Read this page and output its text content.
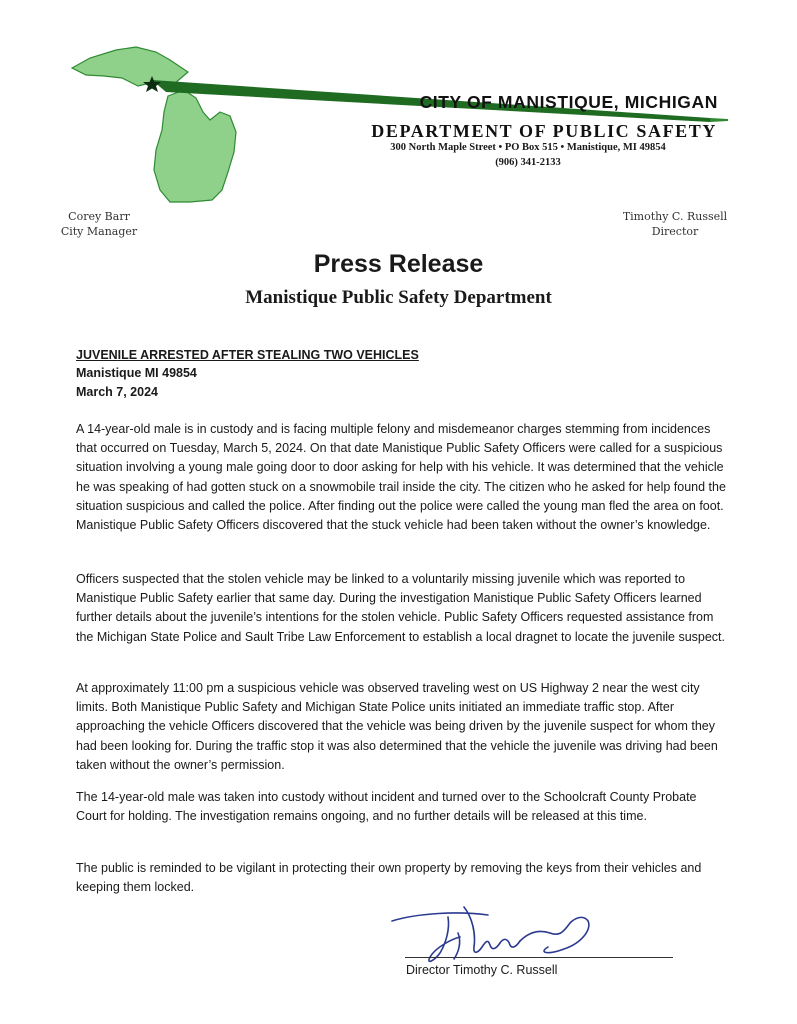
CITY OF MANISTIQUE, MICHIGAN
DEPARTMENT OF PUBLIC SAFETY
300 North Maple Street • PO Box 515 • Manistique, MI 49854
(906) 341-2133
Corey Barr
City Manager
Timothy C. Russell
Director
Press Release
Manistique Public Safety Department
JUVENILE ARRESTED AFTER STEALING TWO VEHICLES
Manistique MI 49854
March 7, 2024
A 14-year-old male is in custody and is facing multiple felony and misdemeanor charges stemming from incidences that occurred on Tuesday, March 5, 2024. On that date Manistique Public Safety Officers were called for a suspicious situation involving a young male going door to door asking for help with his vehicle. It was determined that the vehicle he was speaking of had gotten stuck on a snowmobile trail inside the city. The citizen who he asked for help found the situation suspicious and called the police. After finding out the police were called the young man fled the area on foot. Manistique Public Safety Officers discovered that the stuck vehicle had been taken without the owner’s knowledge.
Officers suspected that the stolen vehicle may be linked to a voluntarily missing juvenile which was reported to Manistique Public Safety earlier that same day. During the investigation Manistique Public Safety Officers learned further details about the juvenile’s intentions for the stolen vehicle. Public Safety Officers requested assistance from the Michigan State Police and Sault Tribe Law Enforcement to establish a local dragnet to locate the juvenile suspect.
At approximately 11:00 pm a suspicious vehicle was observed traveling west on US Highway 2 near the west city limits. Both Manistique Public Safety and Michigan State Police units initiated an immediate traffic stop. After approaching the vehicle Officers discovered that the vehicle was being driven by the juvenile suspect for whom they had been looking for. During the traffic stop it was also determined that the vehicle the juvenile was driving had been taken without the owner’s permission.
The 14-year-old male was taken into custody without incident and turned over to the Schoolcraft County Probate Court for holding. The investigation remains ongoing, and no further details will be released at this time.
The public is reminded to be vigilant in protecting their own property by removing the keys from their vehicles and keeping them locked.
Director Timothy C. Russell
